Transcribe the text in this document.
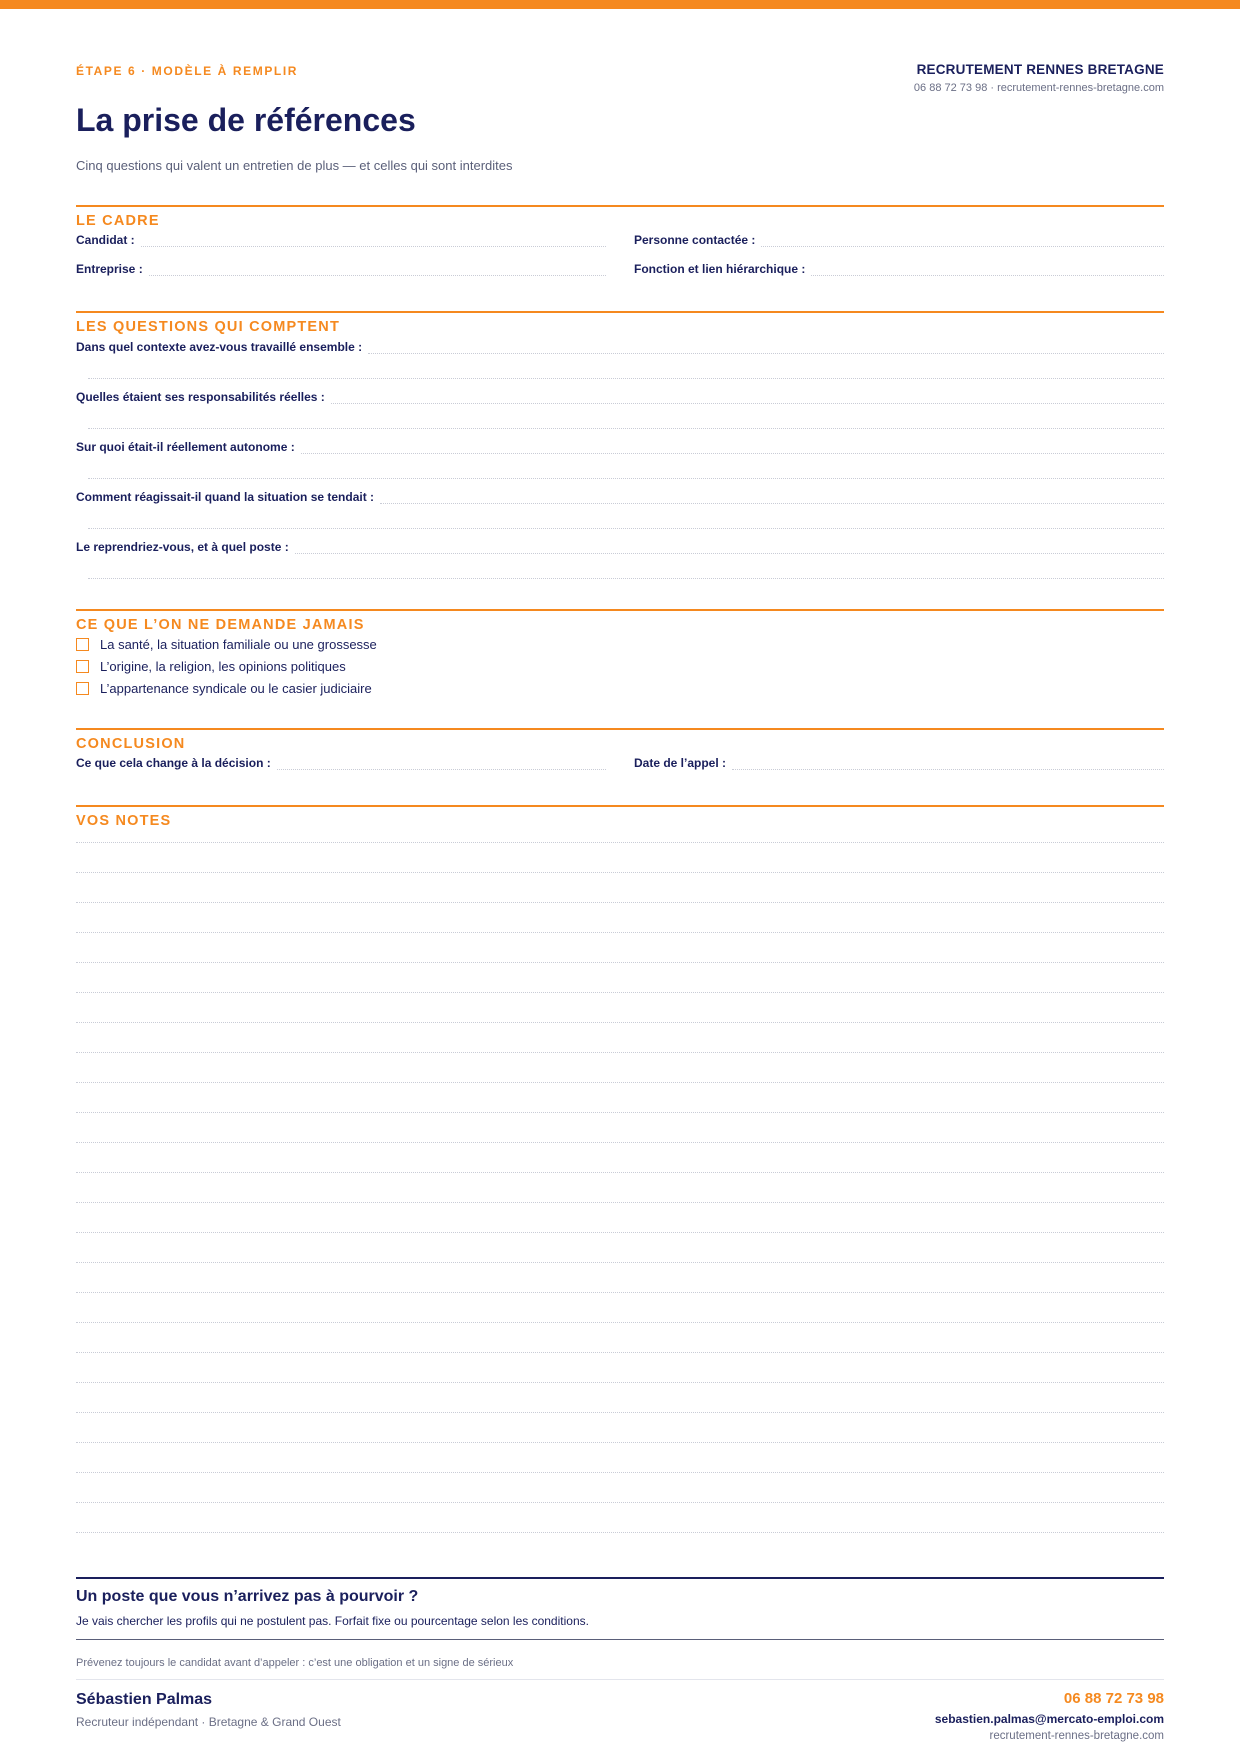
ÉTAPE 6 · MODÈLE À REMPLIR	RECRUTEMENT RENNES BRETAGNE
06 88 72 73 98 · recrutement-rennes-bretagne.com
La prise de références
Cinq questions qui valent un entretien de plus — et celles qui sont interdites
LE CADRE
Candidat :	Personne contactée :
Entreprise :	Fonction et lien hiérarchique :
LES QUESTIONS QUI COMPTENT
Dans quel contexte avez-vous travaillé ensemble :
Quelles étaient ses responsabilités réelles :
Sur quoi était-il réellement autonome :
Comment réagissait-il quand la situation se tendait :
Le reprendriez-vous, et à quel poste :
CE QUE L’ON NE DEMANDE JAMAIS
La santé, la situation familiale ou une grossesse
L’origine, la religion, les opinions politiques
L’appartenance syndicale ou le casier judiciaire
CONCLUSION
Ce que cela change à la décision :	Date de l’appel :
VOS NOTES
Un poste que vous n’arrivez pas à pourvoir ?
Je vais chercher les profils qui ne postulent pas. Forfait fixe ou pourcentage selon les conditions.
Prévenez toujours le candidat avant d’appeler : c’est une obligation et un signe de sérieux
Sébastien Palmas
Recruteur indépendant · Bretagne & Grand Ouest
06 88 72 73 98
sebastien.palmas@mercato-emploi.com
recrutement-rennes-bretagne.com
